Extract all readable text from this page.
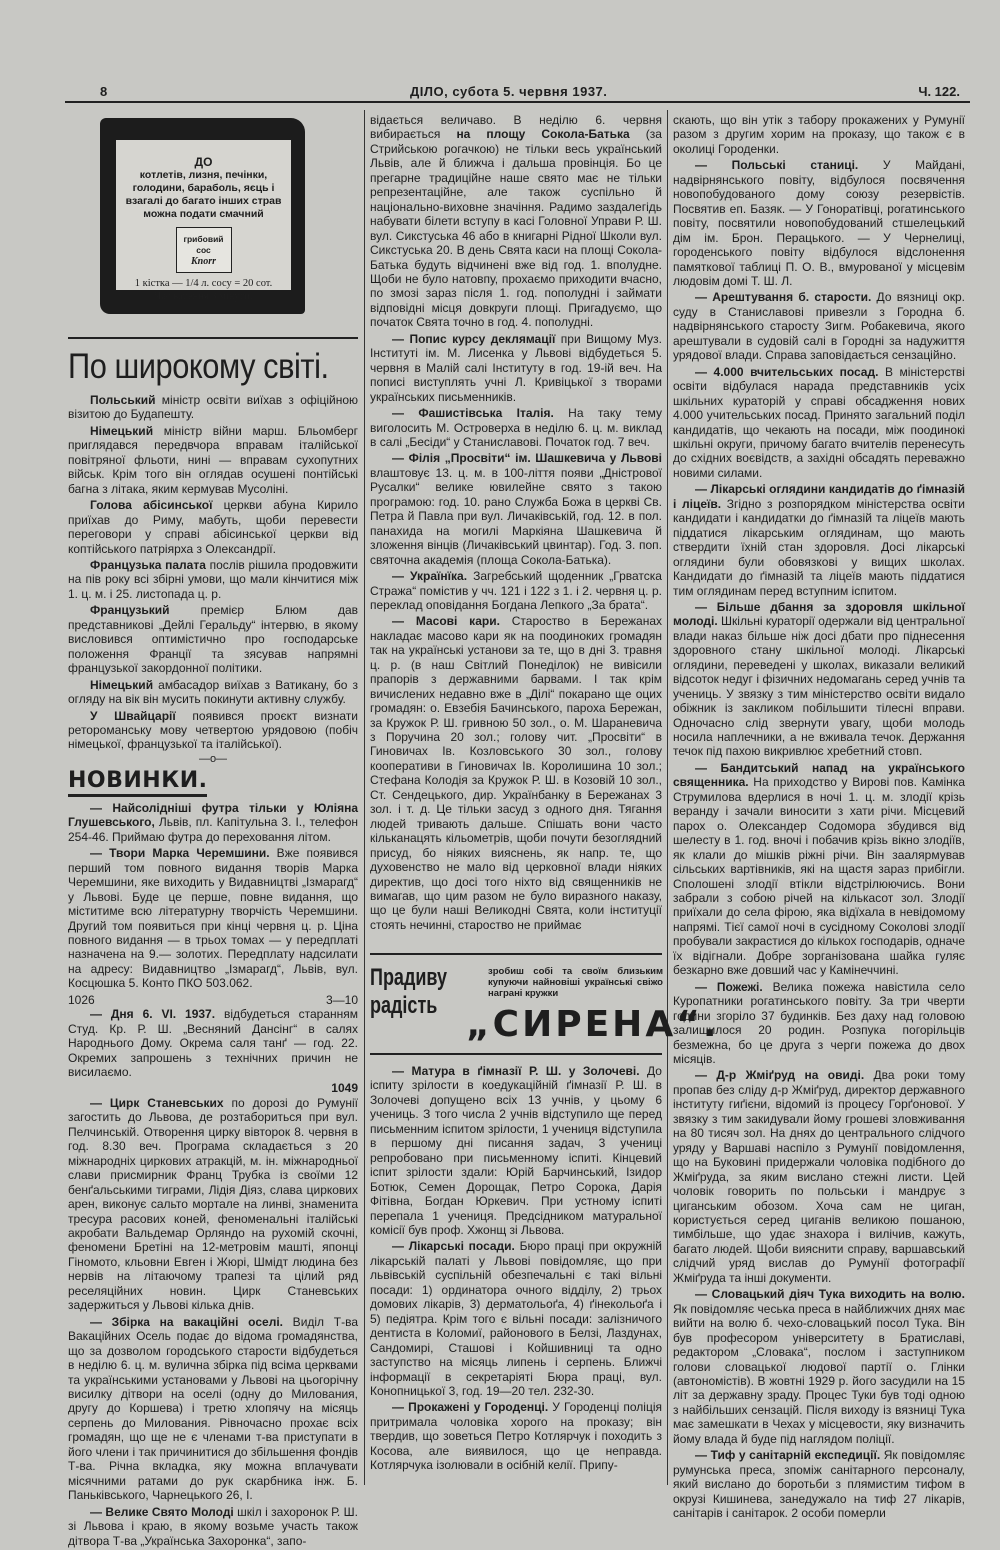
8	ДІЛО, субота 5. червня 1937.	Ч. 122.
ДО
котлетів, лизня, печінки, голодини, бараболь, яєць і взагалі до багато інших страв можна подати смачний
грибовий
сос
Knorr
1 кістка — 1/4 л. сосу = 20 сот.
Час варення 3 мінути.
По широкому світі.

Польський міністр освіти виїхав з офіційною візитою до Будапешту.

Німецький міністр війни марш. Бльомберг приглядався передвчора вправам італійської повітряної фльоти, нині — вправам сухопутних військ. Крім того він оглядав осушені понтійські багна з літака, яким кермував Мусоліні.

Голова абісинської церкви абуна Кирило приїхав до Риму, мабуть, щоби перевести переговори у справі абісинської церкви від коптійського патріярха з Олександрії.

Французька палата послів рішила продовжити на пів року всі збірні умови, що мали кінчитися між 1. ц. м. і 25. листопада ц. р.

Французький премієр Блюм дав представникові „Дейлі Геральду“ інтервю, в якому висловився оптимістично про господарське положення Франції та зясував напрямні французької закордонної політики.

Німецький амбасадор виїхав з Ватикану, бо з огляду на вік він мусить покинути активну службу.

У Швайцарії появився проєкт визнати ретороманську мову четвертою урядовою (побіч німецької, французької та італійської).

—o—
НОВИНКИ.

— Найсолідніші футра тільки у Юліяна Глушевського, Львів, пл. Капітульна 3. І., телефон 254-46. Приймаю футра до переховання літом.

— Твори Марка Черемшини. Вже появився перший том повного видання творів Марка Черемшини, яке виходить у Видавництві „Ізмарагд“ у Львові. Буде це перше, повне видання, що міститиме всю літературну творчість Черемшини. Другий том появиться при кінці червня ц. р. Ціна повного видання — в трьох томах — у передплаті назначена на 9.— золотих. Передплату надсилати на адресу: Видавництво „Ізмарагд“, Львів, вул. Косцюшка 5. Конто ПКО 503.062.

1026	3—10

— Дня 6. VI. 1937. відбудеться старанням Студ. Кр. Р. Ш. „Весняний Дансінг“ в салях Народнього Дому. Окрема саля танґ — год. 22. Окремих запрошень з технічних причин не висилаємо.

1049

— Цирк Станевських по дорозі до Румунії загостить до Львова, де розтаборитьcя при вул. Пелчинській. Отворення цирку вівторок 8. червня в год. 8.30 веч. Програма складається з 20 міжнародніх циркових атракцій, м. ін. міжнародньої слави присмирник Франц Трубка із своїми 12 бенґальськими тиграми, Лідія Діяз, слава циркових арен, виконує сальто мортале на линві, знаменита тресура расових коней, феноменальні італійські акробати Вальдемар Орляндо на рухомій скочні, феномени Бретіні на 12-метровім машті, японці Гіномото, кльовни Евген і Жюрі, Шмідт людина без нервів на літаючому трапезі та цілий ряд реселяційних новин. Цирк Станевських задержиться у Львові кілька днів.

— Збірка на вакаційні оселі. Виділ Т-ва Вакаційних Осель подає до відома громадянства, що за дозволом городського старости відбудеться в неділю 6. ц. м. вулична збірка під всіма церквами та українськими установами у Львові на цьогорічну висилку дітвори на оселі (одну до Милования, другу до Коршева) і третю хлопячу на місяць серпень до Милования. Рівночасно прохає всіх громадян, що ще не є членами т-ва приступати в його члени і так причинитися до збільшення фондів Т-ва. Річна вкладка, яку можна вплачувати місячними ратами до рук скарбника інж. Б. Паньківського, Чарнецького 26, І.

— Велике Свято Молоді шкіл і захоронок Р. Ш. зі Львова і краю, в якому возьме участь також дітвора Т-ва „Українська Захоронка“, запо-

відається величаво. В неділю 6. червня вибирається на площу Сокола-Батька (за Стрийською рогачкою) не тільки весь український Львів, але й ближча і дальша провінція. Бо це прегарне традиційне наше свято має не тільки репрезентаційне, але також суспільно й національно-виховне значіння. Радимо заздалегідь набувати білети вступу в касі Головної Управи Р. Ш. вул. Сикстуська 46 або в книгарні Рідної Школи вул. Сикстуська 20. В день Свята каси на площі Сокола-Батька будуть відчинені вже від год. 1. вполудне. Щоби не було натовпу, прохаємо приходити вчасно, по змозі зараз після 1. год. пополудні і займати відповідні місця довкруги площі. Пригадуємо, що початок Свята точно в год. 4. пополудні.

— Попис курсу деклямації при Вищому Муз. Інституті ім. М. Лисенка у Львові відбудеться 5. червня в Малій салі Інституту в год. 19-ій веч. На пописі виступлять учні Л. Кривіцької з творами українських письменників.

— Фашистівська Італія. На таку тему виголосить М. Островерха в неділю 6. ц. м. виклад в салі „Бесіди“ у Станиславові. Початок год. 7 веч.

— Філія „Просвіти“ ім. Шашкевича у Львові влаштовує 13. ц. м. в 100-ліття появи „Дністрової Русалки“ велике ювилейне свято з такою програмою: год. 10. рано Служба Божа в церкві Св. Петра й Павла при вул. Личаківській, год. 12. в пол. панахида на могилі Маркіяна Шашкевича й зложення вінців (Личаківський цвинтар). Год. 3. поп. святочна академія (площа Сокола-Батька).

— Українїка. Загребський щоденник „Грватска Стража“ помістив у чч. 121 і 122 з 1. і 2. червня ц. р. переклад оповідання Богдана Лепкого „За брата“.

— Масові кари. Староство в Бережанах накладає масово кари як на поодиноких громадян так на українські установи за те, що в дні 3. травня ц. р. (в наш Світлий Понеділок) не вивісили прапорів з державними барвами. І так крім вичислених недавно вже в „Ділі“ покарано ще оцих громадян: о. Евзебія Бачинського, пароха Бережан, за Кружок Р. Ш. гривною 50 зол., о. М. Шараневича з Поручина 20 зол.; голову чит. „Просвіти“ в Гиновичах Ів. Козловського 30 зол., голову кооперативи в Гиновичах Ів. Королишина 10 зол.; Стефана Колодія за Кружок Р. Ш. в Козовій 10 зол., Ст. Сендецького, дир. Українбанку в Бережанах 3 зол. і т. д. Це тільки засуд з одного дня. Тягання людей тривають дальше. Спішать вони часто кільканацять кільометрів, щоби почути безоглядний присуд, бо ніяких вияснень, як напр. те, що духовенство не мало від церковної влади ніяких директив, що досі того ніхто від священників не вимагав, що цим разом не було виразного наказу, що це були наші Великодні Свята, коли інституції стоять нечинні, староство не приймає

Прадиву радість
зробиш собі та своїм близьким купуючи найновіші українські свіжо награні кружки
„СИРЕНА“.

— Матура в ґімназії Р. Ш. у Золочеві. До іспиту зрілости в коедукаційній ґімназії Р. Ш. в Золочеві допущено всіх 13 учнів, у цьому 6 учениць. З того числа 2 учнів відступило ще перед письменним іспитом зрілости, 1 учениця відступила в першому дні писання задач, 3 учениці репробовано при письменному іспиті. Кінцевий іспит зрілости здали: Юрій Барчинський, Ізидор Ботюк, Семен Дорощак, Петро Сорока, Дарія Фітівна, Богдан Юркевич. При устному іспиті перепала 1 учениця. Предсідником матуральної комісії був проф. Хжонщ зі Львова.

— Лікарські посади. Бюро праці при окружній лікарській палаті у Львові повідомляє, що при львівській суспільній обезпечальні є такі вільні посади: 1) ординатора очного відділу, 2) трьох домових лікарів, 3) дерматольоґа, 4) ґінекольоґа і 5) педіятра. Крім того є вільні посади: залізничого дентиста в Коломиї, районового в Белзі, Лаздунах, Сандомирі, Сташові і Койшивниці та одно заступство на місяць липень і серпень. Ближчі інформації в секретаріяті Бюра праці, вул. Конопницької 3, год. 19—20 тел. 232-30.

— Прокажені у Городенці. У Городенці поліція притримала чоловіка хорого на проказу; він твердив, що зоветься Петро Котлярчук і походить з Косова, але виявилося, що це неправда. Котлярчука ізолювали в осібній келії. Припу-

скають, що він утік з табору прокажених у Румунії разом з другим хорим на проказу, що також є в околиці Городенки.

— Польські станиці. У Майдані, надвірнянського повіту, відбулося посвячення новопобудованого дому союзу резервістів. Посвятив еп. Базяк. — У Гоноратівці, рогатинського повіту, посвятили новопобудований стшелецький дім ім. Брон. Перацького. — У Чернелиці, городенського повіту відбулося відслонення памяткової таблиці П. О. В., вмурованої у місцевім людовім домі Т. Ш. Л.

— Арештування б. старости. До вязниці окр. суду в Станиславові привезли з Городна б. надвірнянського старосту Зигм. Робакевича, якого арештували в судовій салі в Городні за надужиття урядової влади. Справа заповідається сензаційно.

— 4.000 вчительських посад. В міністерстві освіти відбулася нарада представників усіх шкільних кураторій у справі обсадження нових 4.000 учительських посад. Принято загальний поділ кандидатів, що чекають на посади, між поодинокі шкільні округи, причому багато вчителів перенесуть до східних воєвідств, а західні обсадять переважно новими силами.

— Лікарські оглядини кандидатів до ґімназій і ліцеїв. Згідно з розпорядком міністерства освіти кандидати і кандидатки до ґімназій та ліцеїв мають піддатися лікарським оглядинам, що мають ствердити їхній стан здоровля. Досі лікарські оглядини були обовязкові у вищих школах. Кандидати до ґімназій та ліцеїв мають піддатися тим оглядинам перед вступним іспитом.

— Більше дбання за здоровля шкільної молоді. Шкільні кураторії одержали від центральної влади наказ більше ніж досі дбати про піднесення здоровного стану шкільної молоді. Лікарські оглядини, переведені у школах, виказали великий відсоток недуг і фізичних недомагань серед учнів та учениць. У звязку з тим міністерство освіти видало обіжник із закликом побільшити тілесні вправи. Одночасно слід звернути увагу, щоби молодь носила наплечники, а не вживала течок. Держання течок під пахою викривлює хребетний стовп.

— Бандитський напад на українського священника. На приходство у Вирові пов. Камінка Струмилова вдерлися в ночі 1. ц. м. злодії крізь веранду і зачали виносити з хати річи. Місцевий парох о. Олександер Содомора збудився від шелесту в 1. год. вночі і побачив крізь вікно злодіїв, як клали до мішків ріжні річи. Він заалярмував сільських вартівників, які на щастя зараз прибігли. Сполошені злодії втікли відстрілюючись. Вони забрали з собою річей на кількасот зол. Злодії приїхали до села фірою, яка відїхала в невідомому напрямі. Тієї самої ночі в сусідному Соколові злодії пробували закрастися до кількох господарів, одначе їх відігнали. Добре зорганізована шайка гуляє безкарно вже довший час у Камінеччині.

— Пожежі. Велика пожежа навістила село Куропатники рогатинського повіту. За три чверти години згоріло 37 будинків. Без даху над головою залишилося 20 родин. Розпука погорільців безмежна, бо це друга з черги пожежа до двох місяців.

— Д-р Жміґруд на овиді. Два роки тому пропав без сліду д-р Жміґруд, директор державного інституту гиґієни, відомий із процесу Горґонової. У звязку з тим закидували йому грошеві зловживання на 80 тисяч зол. На днях до центрального слідчого уряду у Варшаві наспіло з Румунії повідомлення, що на Буковині придержали чоловіка подібного до Жміґруда, за яким вислано стежні листи. Цей чоловік говорить по польськи і мандрує з циганським обозом. Хоча сам не циган, користується серед циганів великою пошаною, тимбільше, що удає знахора і вилічив, кажуть, багато людей. Щоби вияснити справу, варшавський слідчий уряд вислав до Румунії фотографії Жміґруда та інші документи.

— Словацький діяч Тука виходить на волю. Як повідомляє чеська преса в найближчих днях має вийти на волю б. чехо-словацький посол Тука. Він був професором університету в Братиславі, редактором „Словака“, послом і заступником голови словацької людової партії о. Глінки (автономістів). В жовтні 1929 р. його засудили на 15 літ за державну зраду. Процес Туки був тоді одною з найбільших сензацій. Після виходу із вязниці Тука має замешкати в Чехах у місцевости, яку визначить йому влада й буде під наглядом поліції.

— Тиф у санітарній експедиції. Як повідомляє румунська преса, зпоміж санітарного персоналу, який вислано до боротьби з плямистим тифом в окрузі Кишинева, занедужало на тиф 27 лікарів, санітарів і санітарок. 2 особи померли
